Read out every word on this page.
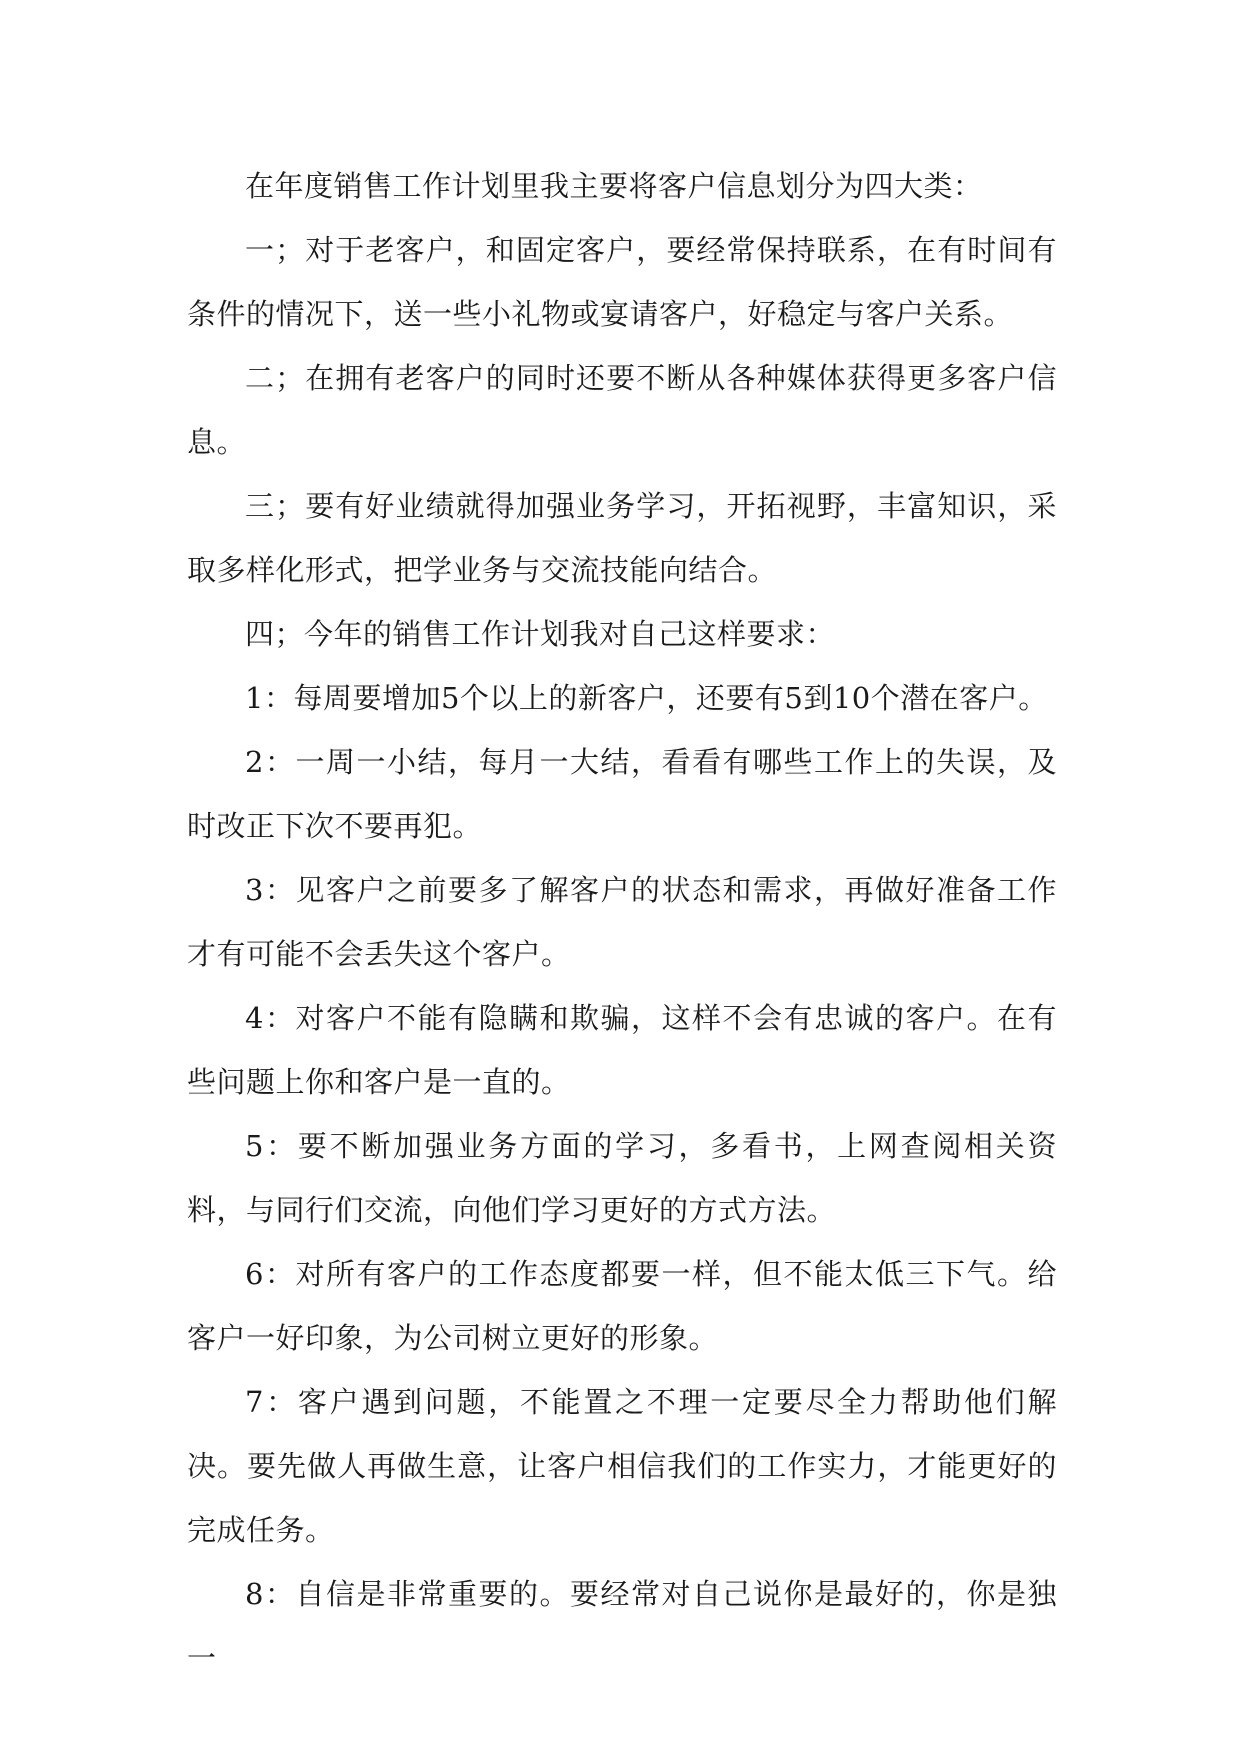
在年度销售工作计划里我主要将客户信息划分为四大类：

一；对于老客户，和固定客户，要经常保持联系，在有时间有条件的情况下，送一些小礼物或宴请客户，好稳定与客户关系。

二；在拥有老客户的同时还要不断从各种媒体获得更多客户信息。

三；要有好业绩就得加强业务学习，开拓视野，丰富知识，采取多样化形式，把学业务与交流技能向结合。

四；今年的销售工作计划我对自己这样要求：

1：每周要增加5个以上的新客户，还要有5到10个潜在客户。

2：一周一小结，每月一大结，看看有哪些工作上的失误，及时改正下次不要再犯。

3：见客户之前要多了解客户的状态和需求，再做好准备工作才有可能不会丢失这个客户。

4：对客户不能有隐瞒和欺骗，这样不会有忠诚的客户。在有些问题上你和客户是一直的。

5：要不断加强业务方面的学习，多看书，上网查阅相关资料，与同行们交流，向他们学习更好的方式方法。

6：对所有客户的工作态度都要一样，但不能太低三下气。给客户一好印象，为公司树立更好的形象。

7：客户遇到问题，不能置之不理一定要尽全力帮助他们解决。要先做人再做生意，让客户相信我们的工作实力，才能更好的完成任务。

8：自信是非常重要的。要经常对自己说你是最好的，你是独一
